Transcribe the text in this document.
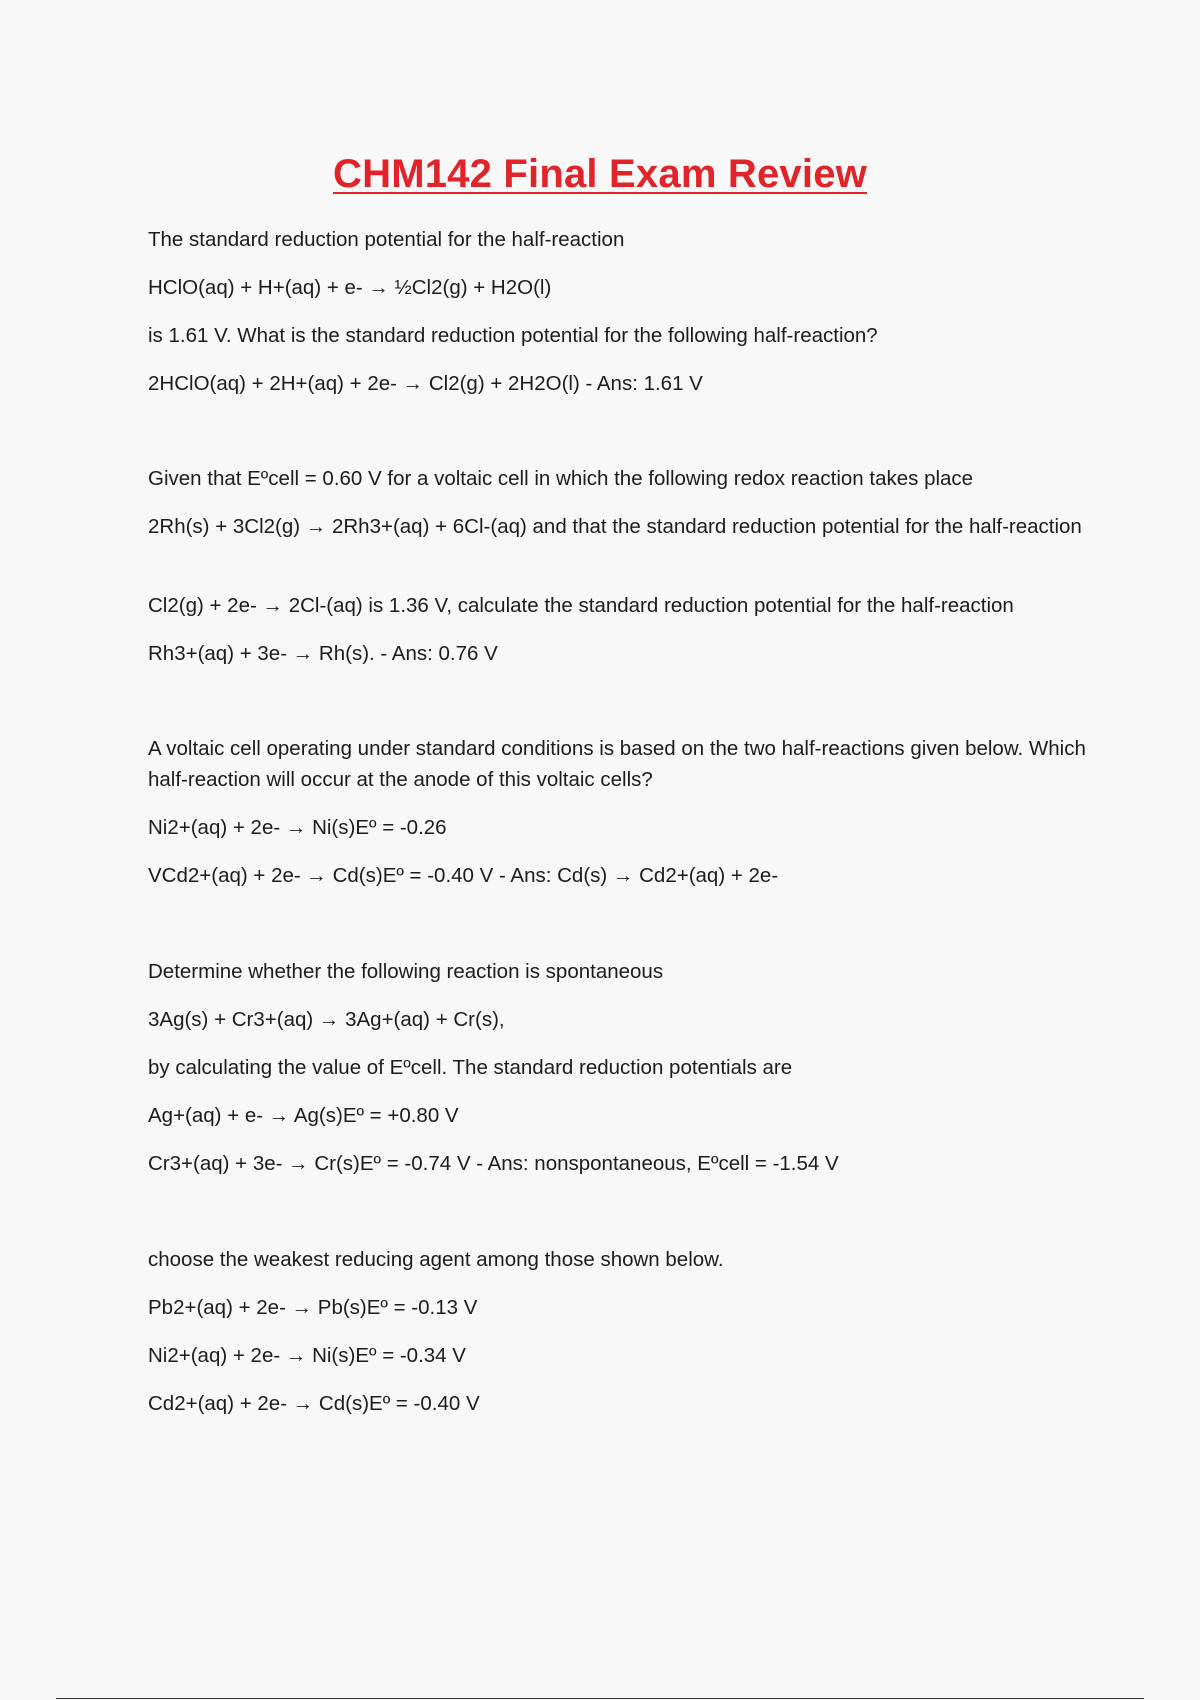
CHM142 Final Exam Review
The standard reduction potential for the half-reaction
HClO(aq) + H+(aq) + e- → ½Cl2(g) + H2O(l)
is 1.61 V. What is the standard reduction potential for the following half-reaction?
2HClO(aq) + 2H+(aq) + 2e- → Cl2(g) + 2H2O(l) - Ans: 1.61 V
Given that Eºcell = 0.60 V for a voltaic cell in which the following redox reaction takes place
2Rh(s) + 3Cl2(g) → 2Rh3+(aq) + 6Cl-(aq) and that the standard reduction potential for the half-reaction
Cl2(g) + 2e- → 2Cl-(aq) is 1.36 V, calculate the standard reduction potential for the half-reaction
Rh3+(aq) + 3e- → Rh(s). - Ans: 0.76 V
A voltaic cell operating under standard conditions is based on the two half-reactions given below. Which half-reaction will occur at the anode of this voltaic cells?
Ni2+(aq) + 2e- → Ni(s)Eº = -0.26
VCd2+(aq) + 2e- → Cd(s)Eº = -0.40 V - Ans: Cd(s) → Cd2+(aq) + 2e-
Determine whether the following reaction is spontaneous
3Ag(s) + Cr3+(aq) → 3Ag+(aq) + Cr(s),
by calculating the value of Eºcell. The standard reduction potentials are
Ag+(aq) + e- → Ag(s)Eº = +0.80 V
Cr3+(aq) + 3e- → Cr(s)Eº = -0.74 V - Ans: nonspontaneous, Eºcell = -1.54 V
choose the weakest reducing agent among those shown below.
Pb2+(aq) + 2e- → Pb(s)Eº = -0.13 V
Ni2+(aq) + 2e- → Ni(s)Eº = -0.34 V
Cd2+(aq) + 2e- → Cd(s)Eº = -0.40 V
